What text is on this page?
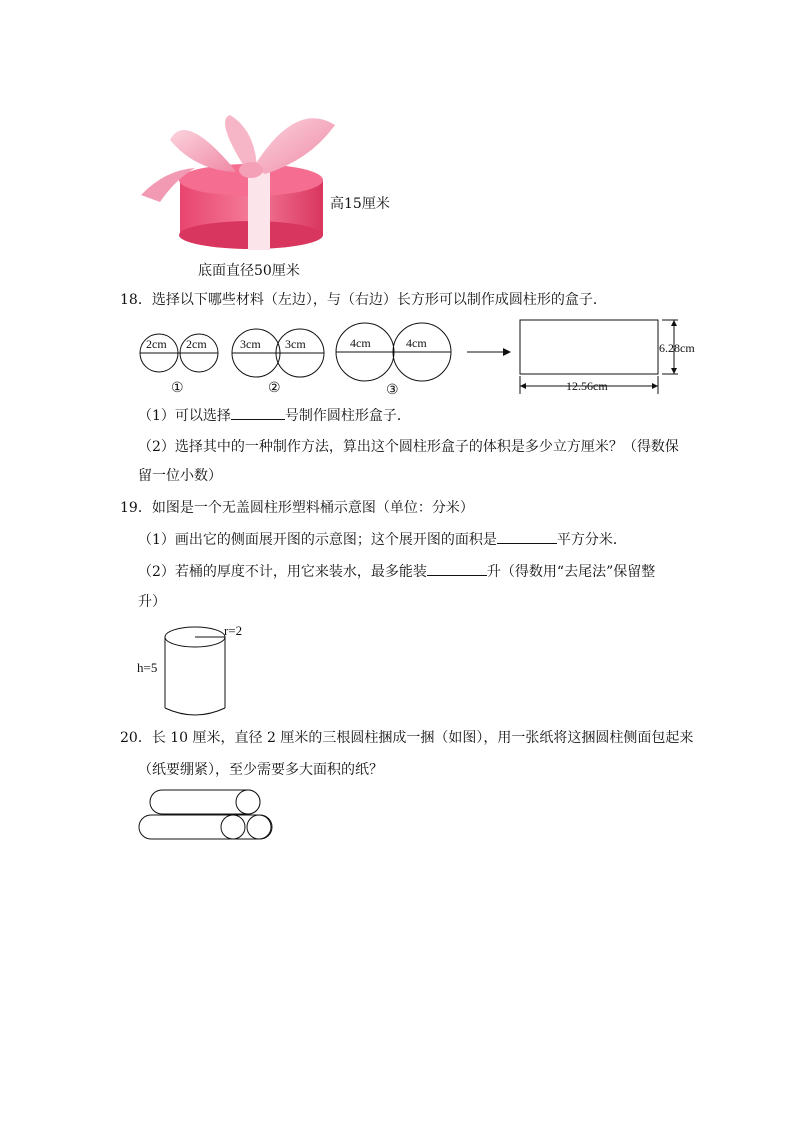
高15厘米
底面直径50厘米
18．选择以下哪些材料（左边），与（右边）长方形可以制作成圆柱形的盒子．
2cm 2cm
①
3cm 3cm
②
4cm	4cm
③
6.28cm
12.56cm
（1）可以选择	号制作圆柱形盒子．
（2）选择其中的一种制作方法，算出这个圆柱形盒子的体积是多少立方厘米？（得数保
留一位小数）
19．如图是一个无盖圆柱形塑料桶示意图（单位：分米）
（1）画出它的侧面展开图的示意图；这个展开图的面积是	平方分米．
（2）若桶的厚度不计，用它来装水，最多能装	升（得数用“去尾法”保留整
升）
r=2
h=5
20．长 10 厘米，直径 2 厘米的三根圆柱捆成一捆（如图），用一张纸将这捆圆柱侧面包起来
（纸要绷紧），至少需要多大面积的纸？
